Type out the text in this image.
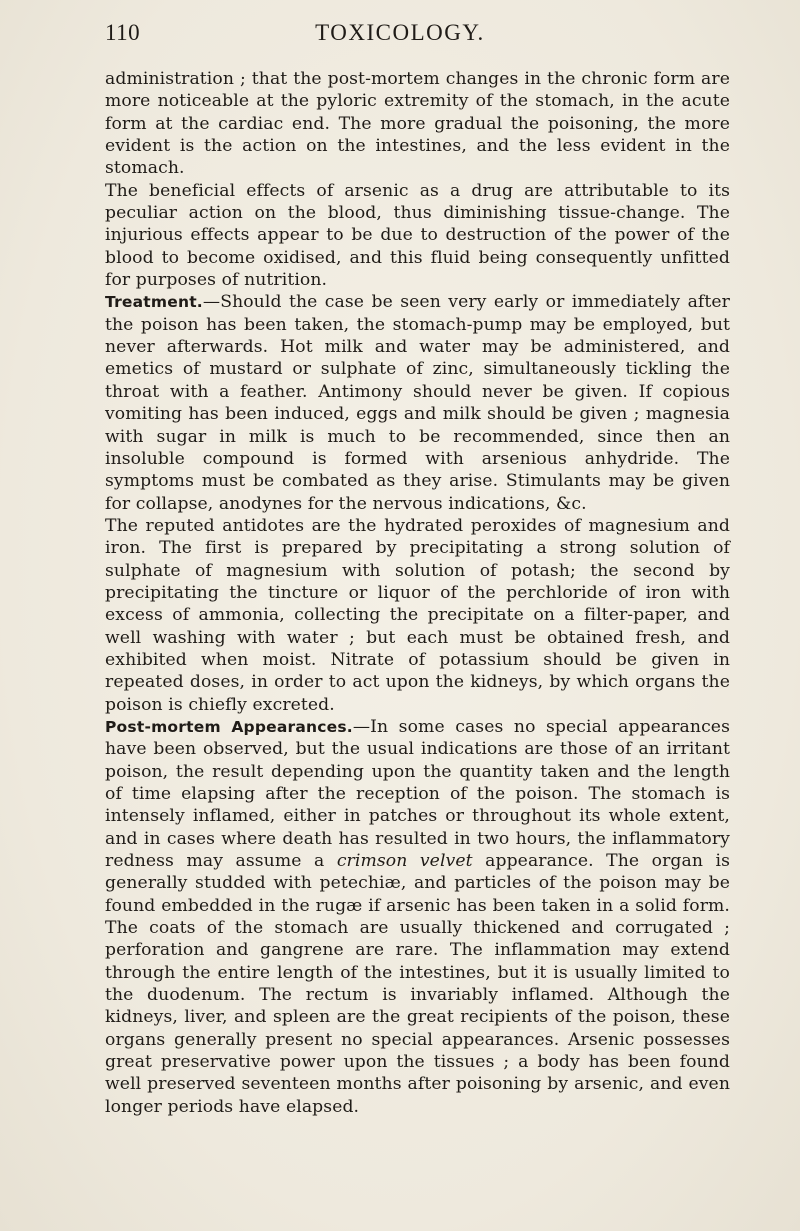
110	TOXICOLOGY.

administration ; that the post-mortem changes in the chronic form are more noticeable at the pyloric extremity of the stomach, in the acute form at the cardiac end. The more gradual the poisoning, the more evident is the action on the intestines, and the less evident in the stomach.

The beneficial effects of arsenic as a drug are attributable to its peculiar action on the blood, thus diminishing tissue-change. The injurious effects appear to be due to destruction of the power of the blood to become oxidised, and this fluid being consequently unfitted for purposes of nutrition.

Treatment.—Should the case be seen very early or immediately after the poison has been taken, the stomach-pump may be employed, but never afterwards. Hot milk and water may be administered, and emetics of mustard or sulphate of zinc, simultaneously tickling the throat with a feather. Antimony should never be given. If copious vomiting has been induced, eggs and milk should be given ; magnesia with sugar in milk is much to be recommended, since then an insoluble compound is formed with arsenious anhydride. The symptoms must be combated as they arise. Stimulants may be given for collapse, anodynes for the nervous indications, &c.

The reputed antidotes are the hydrated peroxides of magnesium and iron. The first is prepared by precipitating a strong solution of sulphate of magnesium with solution of potash; the second by precipitating the tincture or liquor of the perchloride of iron with excess of ammonia, collecting the precipitate on a filter-paper, and well washing with water ; but each must be obtained fresh, and exhibited when moist. Nitrate of potassium should be given in repeated doses, in order to act upon the kidneys, by which organs the poison is chiefly excreted.

Post-mortem Appearances.—In some cases no special appearances have been observed, but the usual indications are those of an irritant poison, the result depending upon the quantity taken and the length of time elapsing after the reception of the poison. The stomach is intensely inflamed, either in patches or throughout its whole extent, and in cases where death has resulted in two hours, the inflammatory redness may assume a crimson velvet appearance. The organ is generally studded with petechiæ, and particles of the poison may be found embedded in the rugæ if arsenic has been taken in a solid form. The coats of the stomach are usually thickened and corrugated ; perforation and gangrene are rare. The inflammation may extend through the entire length of the intestines, but it is usually limited to the duodenum. The rectum is invariably inflamed. Although the kidneys, liver, and spleen are the great recipients of the poison, these organs generally present no special appearances. Arsenic possesses great preservative power upon the tissues ; a body has been found well preserved seventeen months after poisoning by arsenic, and even longer periods have elapsed.
